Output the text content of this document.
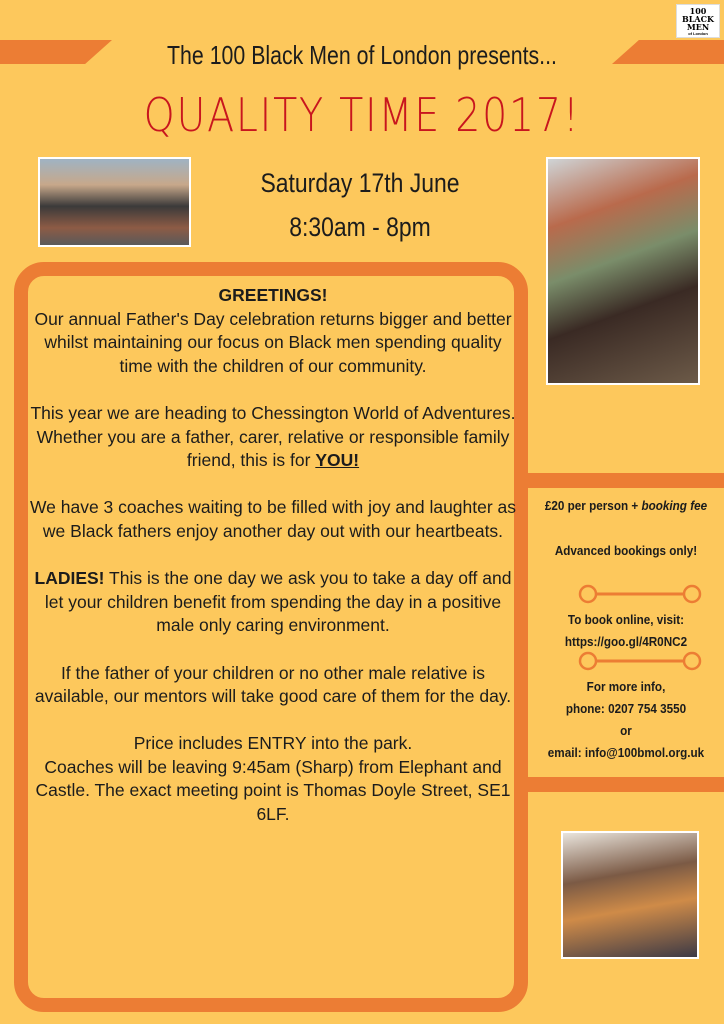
100
BLACK
MEN
of London
The 100 Black Men of London presents...
QUALITY TIME 2017!
Saturday 17th June
8:30am - 8pm

GREETINGS!
Our annual Father's Day celebration returns bigger and better whilst maintaining our focus on Black men spending quality time with the children of our community.

This year we are heading to Chessington World of Adventures. Whether you are a father, carer, relative or responsible family friend, this is for YOU!

We have 3 coaches waiting to be filled with joy and laughter as we Black fathers enjoy another day out with our heartbeats.

LADIES! This is the one day we ask you to take a day off and let your children benefit from spending the day in a positive male only caring environment.

If the father of your children or no other male relative is available, our mentors will take good care of them for the day.

Price includes ENTRY into the park.
Coaches will be leaving 9:45am (Sharp) from Elephant and Castle. The exact meeting point is Thomas Doyle Street, SE1 6LF.

£20 per person + booking fee
Advanced bookings only!
To book online, visit:
https://goo.gl/4R0NC2
For more info,
phone: 0207 754 3550
or
email: info@100bmol.org.uk
